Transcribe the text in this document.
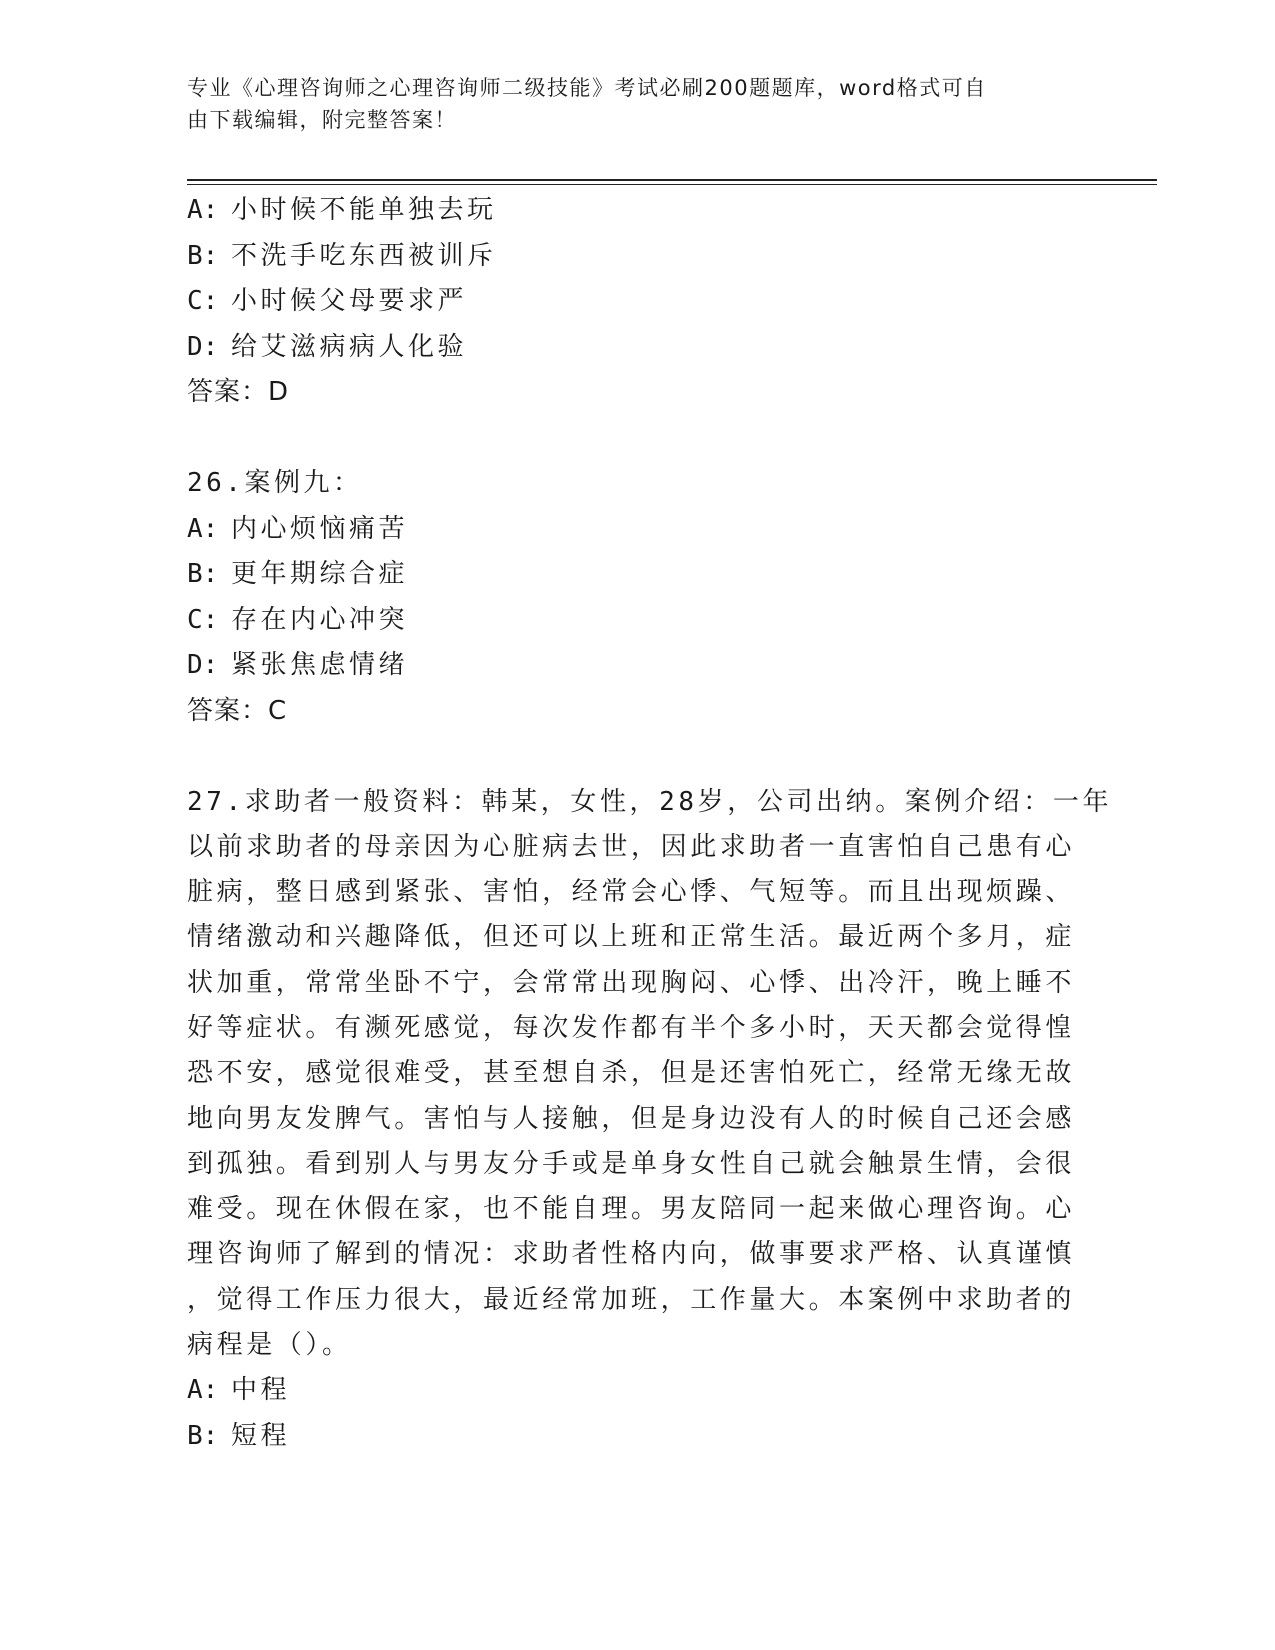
专业《心理咨询师之心理咨询师二级技能》考试必刷200题题库，word格式可自
由下载编辑，附完整答案！
A: 小时候不能单独去玩
B: 不洗手吃东西被训斥
C: 小时候父母要求严
D: 给艾滋病病人化验
答案：D
26.案例九：
A: 内心烦恼痛苦
B: 更年期综合症
C: 存在内心冲突
D: 紧张焦虑情绪
答案：C
27.求助者一般资料：韩某，女性，28岁，公司出纳。案例介绍：一年
以前求助者的母亲因为心脏病去世，因此求助者一直害怕自己患有心
脏病，整日感到紧张、害怕，经常会心悸、气短等。而且出现烦躁、
情绪激动和兴趣降低，但还可以上班和正常生活。最近两个多月，症
状加重，常常坐卧不宁，会常常出现胸闷、心悸、出冷汗，晚上睡不
好等症状。有濒死感觉，每次发作都有半个多小时，天天都会觉得惶
恐不安，感觉很难受，甚至想自杀，但是还害怕死亡，经常无缘无故
地向男友发脾气。害怕与人接触，但是身边没有人的时候自己还会感
到孤独。看到别人与男友分手或是单身女性自己就会触景生情，会很
难受。现在休假在家，也不能自理。男友陪同一起来做心理咨询。心
理咨询师了解到的情况：求助者性格内向，做事要求严格、认真谨慎
，觉得工作压力很大，最近经常加班，工作量大。本案例中求助者的
病程是（）。
A: 中程
B: 短程
